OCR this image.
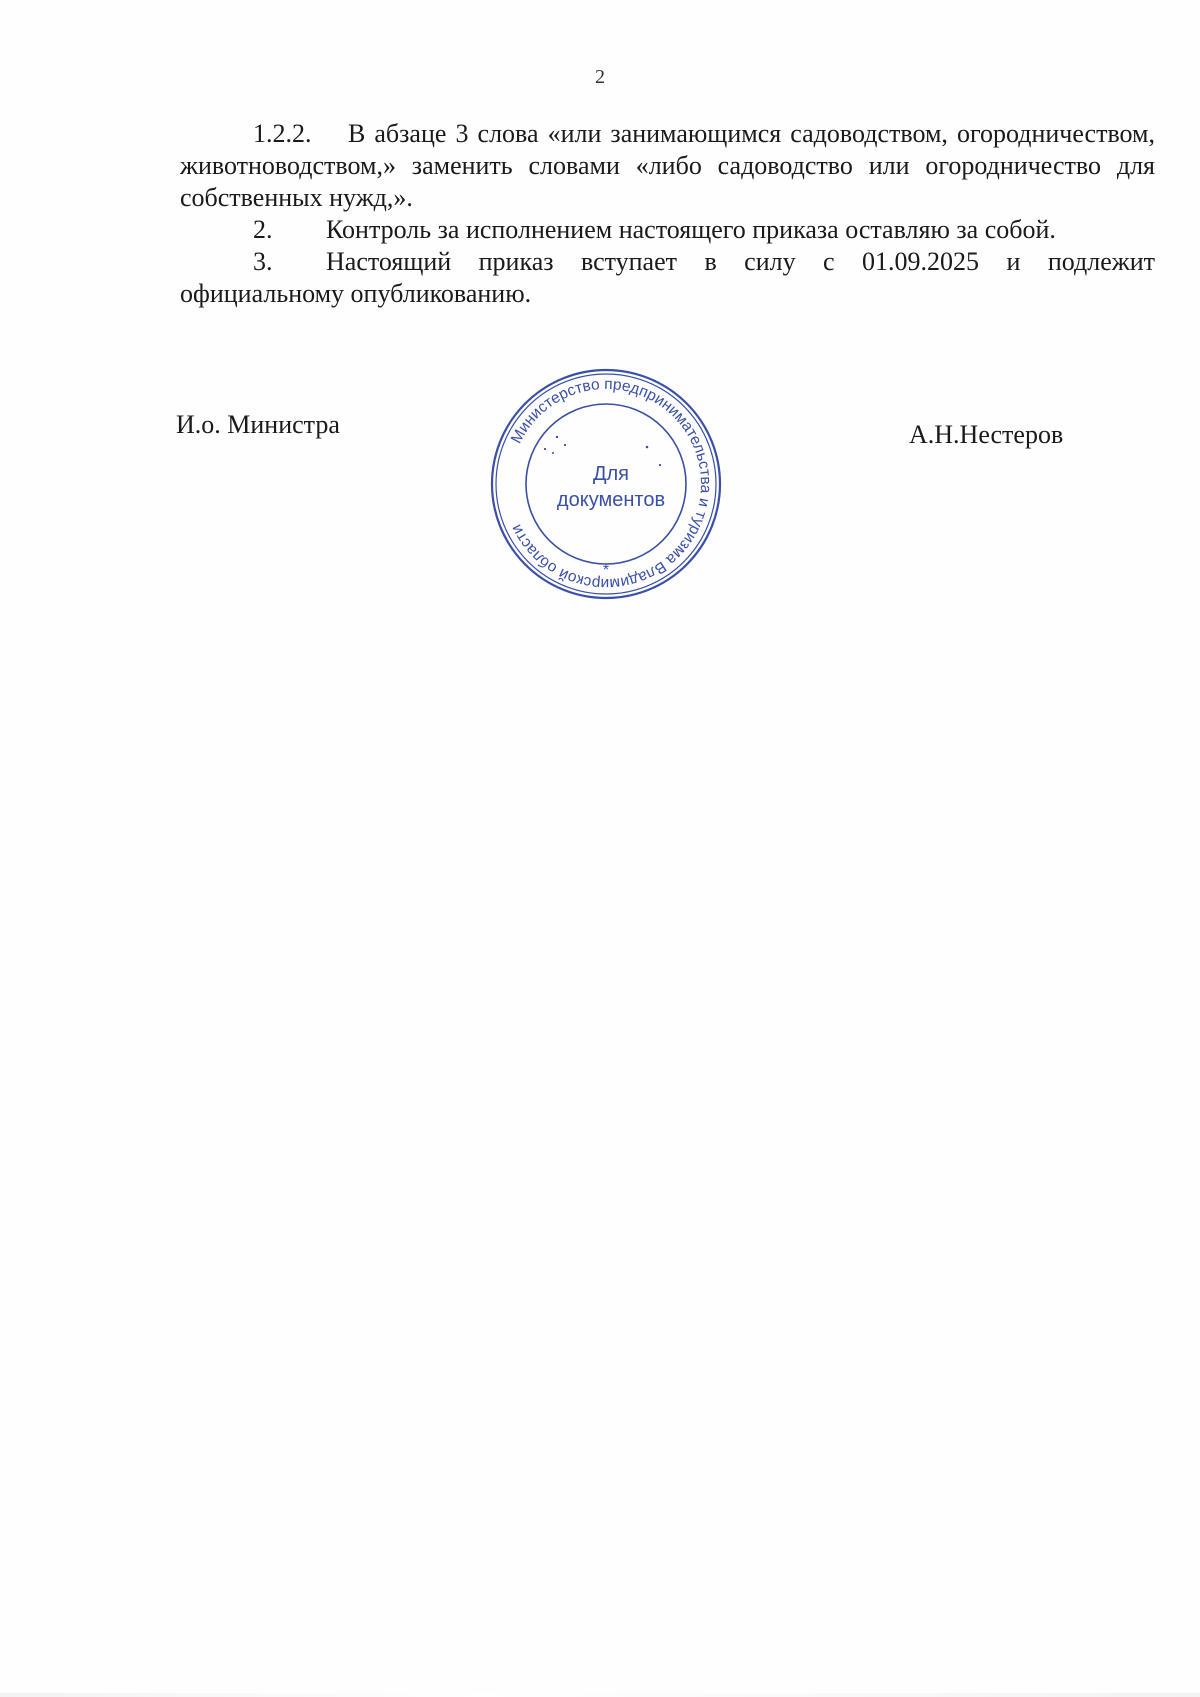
2

1.2.2. В абзаце 3 слова «или занимающимся садоводством, огородничеством, животноводством,» заменить словами «либо садоводство или огородничество для собственных нужд,».

2. Контроль за исполнением настоящего приказа оставляю за собой.

3. Настоящий приказ вступает в силу с 01.09.2025 и подлежит официальному опубликованию.

И.о. Министра	А.Н.Нестеров
Министерство предпринимательства и туризма Владимирской области
*
Для
документов
